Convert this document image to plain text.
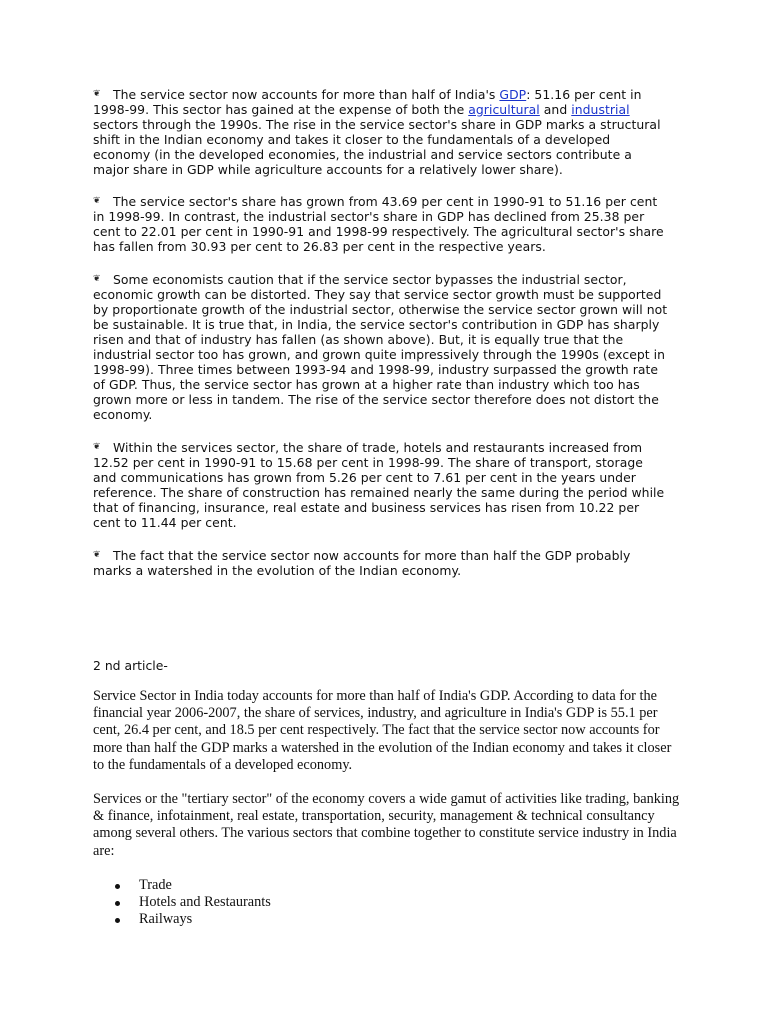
❦ The service sector now accounts for more than half of India's GDP: 51.16 per cent in 1998-99. This sector has gained at the expense of both the agricultural and industrial sectors through the 1990s. The rise in the service sector's share in GDP marks a structural shift in the Indian economy and takes it closer to the fundamentals of a developed economy (in the developed economies, the industrial and service sectors contribute a major share in GDP while agriculture accounts for a relatively lower share).

❦ The service sector's share has grown from 43.69 per cent in 1990-91 to 51.16 per cent in 1998-99. In contrast, the industrial sector's share in GDP has declined from 25.38 per cent to 22.01 per cent in 1990-91 and 1998-99 respectively. The agricultural sector's share has fallen from 30.93 per cent to 26.83 per cent in the respective years.

❦ Some economists caution that if the service sector bypasses the industrial sector, economic growth can be distorted. They say that service sector growth must be supported by proportionate growth of the industrial sector, otherwise the service sector grown will not be sustainable. It is true that, in India, the service sector's contribution in GDP has sharply risen and that of industry has fallen (as shown above). But, it is equally true that the industrial sector too has grown, and grown quite impressively through the 1990s (except in 1998-99). Three times between 1993-94 and 1998-99, industry surpassed the growth rate of GDP. Thus, the service sector has grown at a higher rate than industry which too has grown more or less in tandem. The rise of the service sector therefore does not distort the economy.

❦ Within the services sector, the share of trade, hotels and restaurants increased from 12.52 per cent in 1990-91 to 15.68 per cent in 1998-99. The share of transport, storage and communications has grown from 5.26 per cent to 7.61 per cent in the years under reference. The share of construction has remained nearly the same during the period while that of financing, insurance, real estate and business services has risen from 10.22 per cent to 11.44 per cent.

❦ The fact that the service sector now accounts for more than half the GDP probably marks a watershed in the evolution of the Indian economy.

2 nd article-

Service Sector in India today accounts for more than half of India's GDP. According to data for the financial year 2006-2007, the share of services, industry, and agriculture in India's GDP is 55.1 per cent, 26.4 per cent, and 18.5 per cent respectively. The fact that the service sector now accounts for more than half the GDP marks a watershed in the evolution of the Indian economy and takes it closer to the fundamentals of a developed economy.

Services or the "tertiary sector" of the economy covers a wide gamut of activities like trading, banking & finance, infotainment, real estate, transportation, security, management & technical consultancy among several others. The various sectors that combine together to constitute service industry in India are:

Trade
Hotels and Restaurants
Railways
